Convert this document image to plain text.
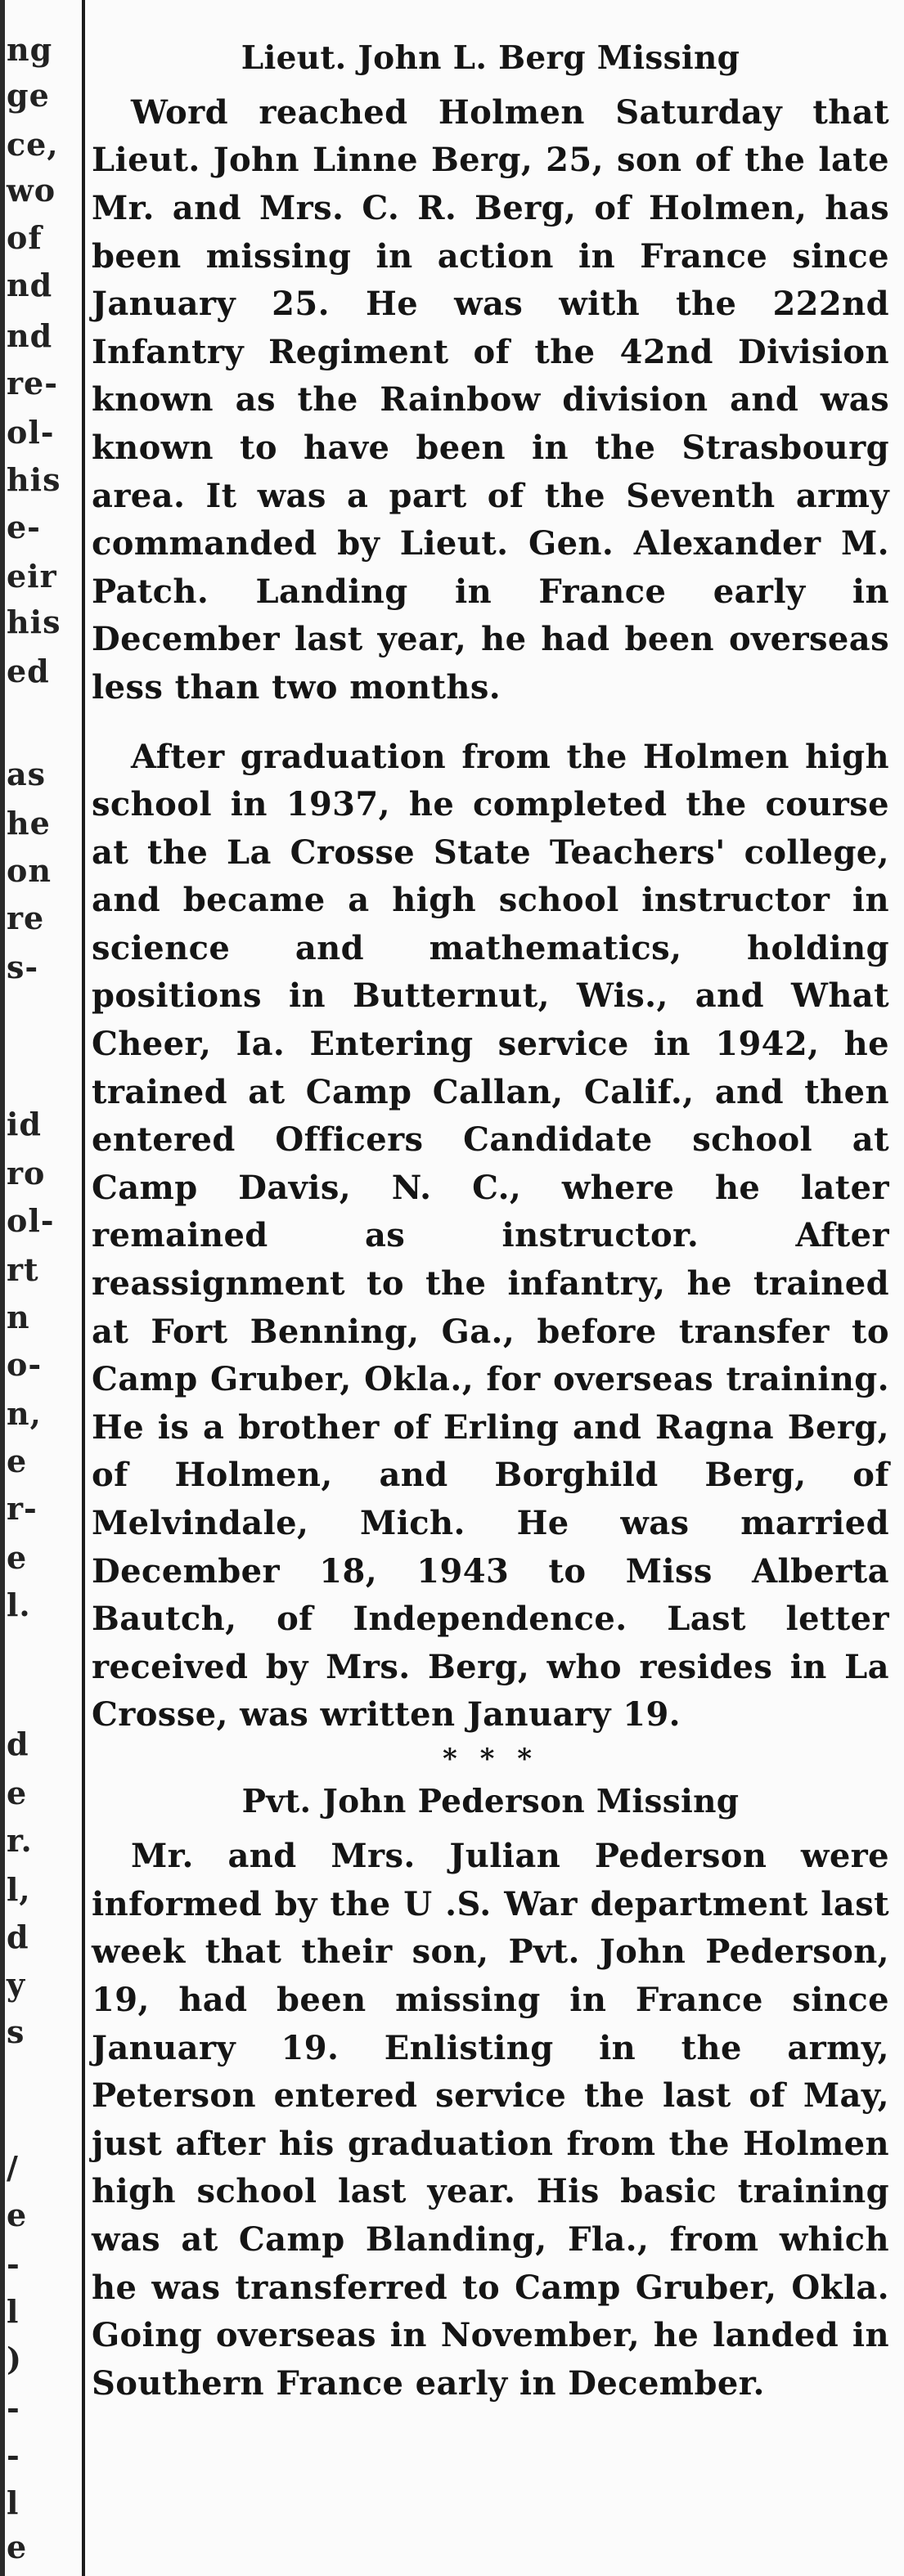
ng
ge
ce,
wo
of
nd
nd
re-
ol-
his
e-
eir
his
ed
as
he
on
re
s-
id
ro
ol-
rt
n
o-
n,
e
r-
e
l.
d
e
r.
l,
d
y
s
/
e
-
l
)
-
-
l
e
Lieut. John L. Berg Missing

Word reached Holmen Saturday that Lieut. John Linne Berg, 25, son of the late Mr. and Mrs. C. R. Berg, of Holmen, has been missing in action in France since January 25. He was with the 222nd Infantry Regiment of the 42nd Division known as the Rainbow division and was known to have been in the Strasbourg area. It was a part of the Seventh army commanded by Lieut. Gen. Alexander M. Patch. Landing in France early in December last year, he had been overseas less than two months.

After graduation from the Holmen high school in 1937, he completed the course at the La Crosse State Teachers' college, and became a high school instructor in science and mathematics, holding positions in Butternut, Wis., and What Cheer, Ia. Entering service in 1942, he trained at Camp Callan, Calif., and then entered Officers Candidate school at Camp Davis, N. C., where he later remained as instructor. After reassignment to the infantry, he trained at Fort Benning, Ga., before transfer to Camp Gruber, Okla., for overseas training. He is a brother of Erling and Ragna Berg, of Holmen, and Borghild Berg, of Melvindale, Mich. He was married December 18, 1943 to Miss Alberta Bautch, of Independence. Last letter received by Mrs. Berg, who resides in La Crosse, was written January 19.

* * *
Pvt. John Pederson Missing

Mr. and Mrs. Julian Pederson were informed by the U .S. War department last week that their son, Pvt. John Pederson, 19, had been missing in France since January 19. Enlisting in the army, Peterson entered service the last of May, just after his graduation from the Holmen high school last year. His basic training was at Camp Blanding, Fla., from which he was transferred to Camp Gruber, Okla. Going overseas in November, he landed in Southern France early in December.
